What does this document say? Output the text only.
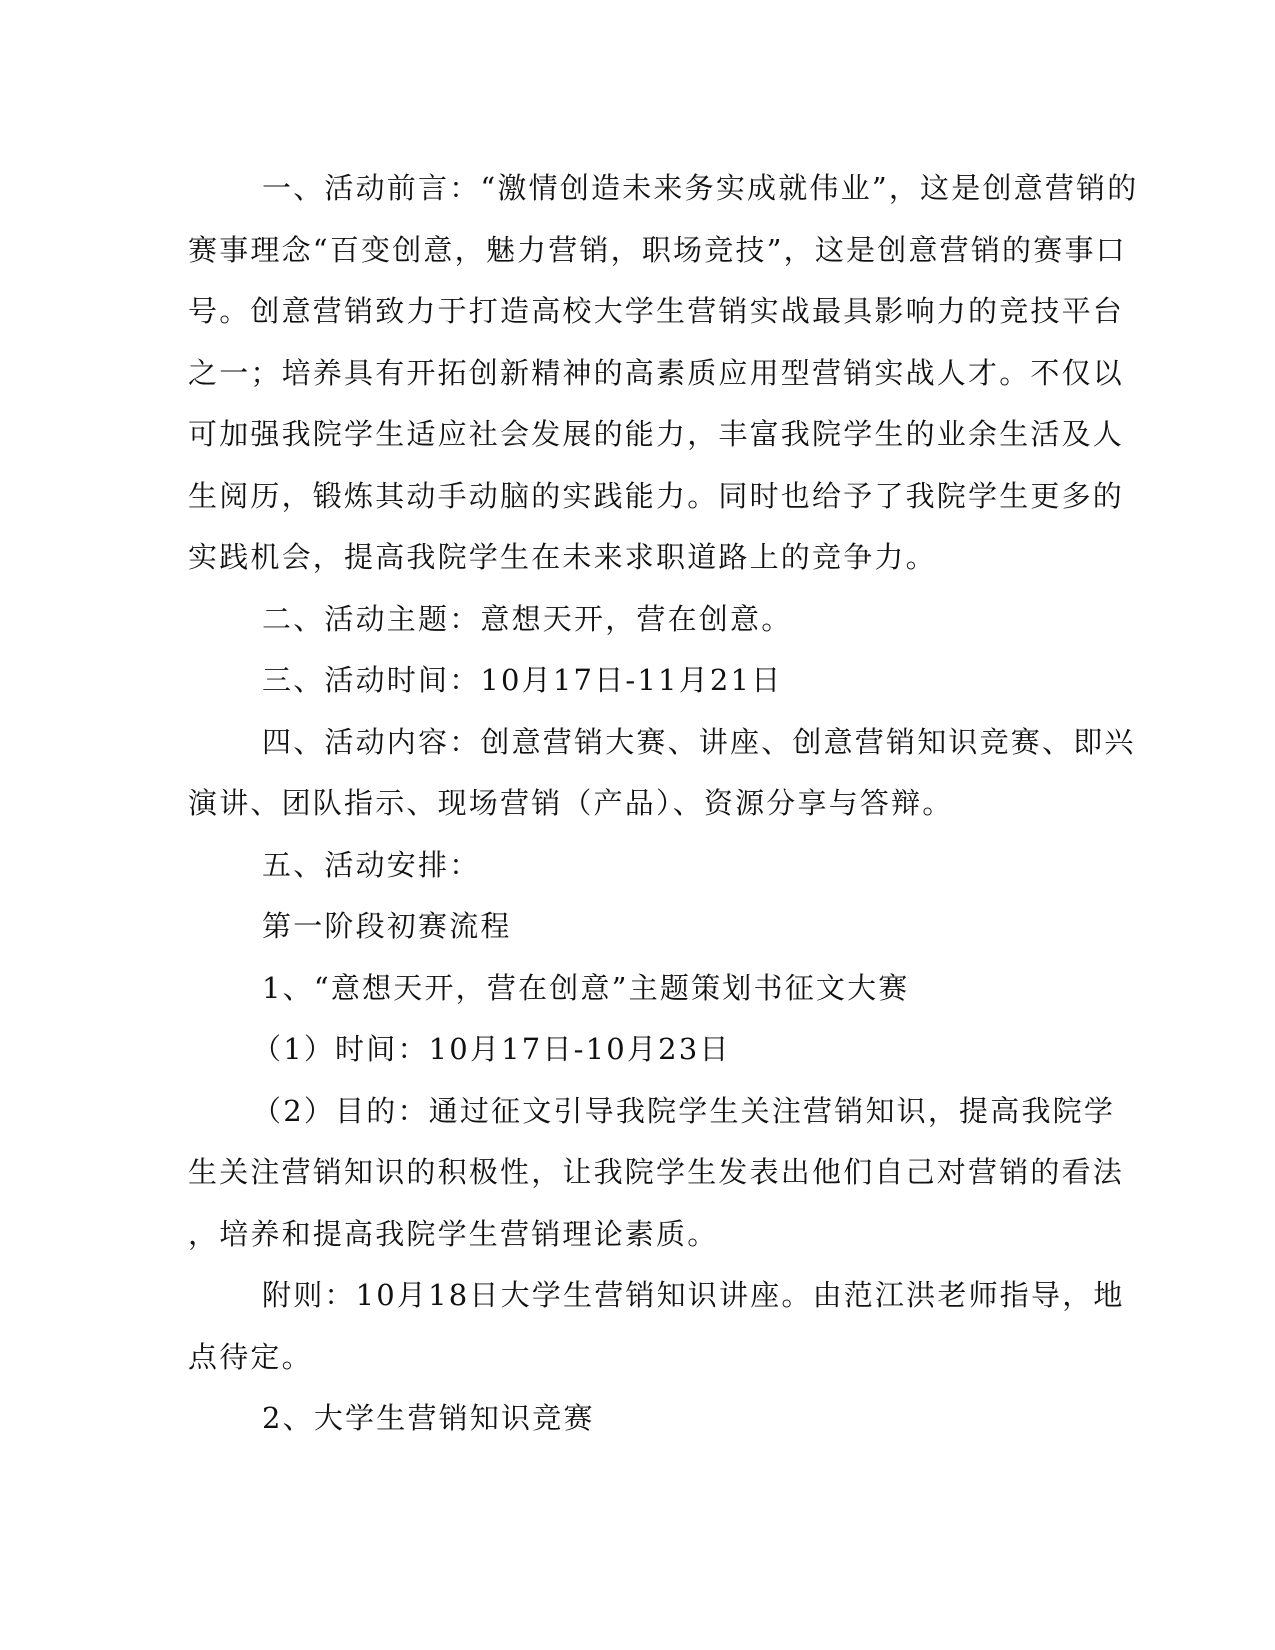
一、活动前言：“激情创造未来务实成就伟业”，这是创意营销的
赛事理念“百变创意，魅力营销，职场竞技”，这是创意营销的赛事口
号。创意营销致力于打造高校大学生营销实战最具影响力的竞技平台
之一；培养具有开拓创新精神的高素质应用型营销实战人才。不仅以
可加强我院学生适应社会发展的能力，丰富我院学生的业余生活及人
生阅历，锻炼其动手动脑的实践能力。同时也给予了我院学生更多的
实践机会，提高我院学生在未来求职道路上的竞争力。
二、活动主题：意想天开，营在创意。
三、活动时间：10月17日-11月21日
四、活动内容：创意营销大赛、讲座、创意营销知识竞赛、即兴
演讲、团队指示、现场营销（产品）、资源分享与答辩。
五、活动安排：
第一阶段初赛流程
1、“意想天开，营在创意”主题策划书征文大赛
（1）时间：10月17日-10月23日
（2）目的：通过征文引导我院学生关注营销知识，提高我院学
生关注营销知识的积极性，让我院学生发表出他们自己对营销的看法
，培养和提高我院学生营销理论素质。
附则：10月18日大学生营销知识讲座。由范江洪老师指导，地
点待定。
2、大学生营销知识竞赛
